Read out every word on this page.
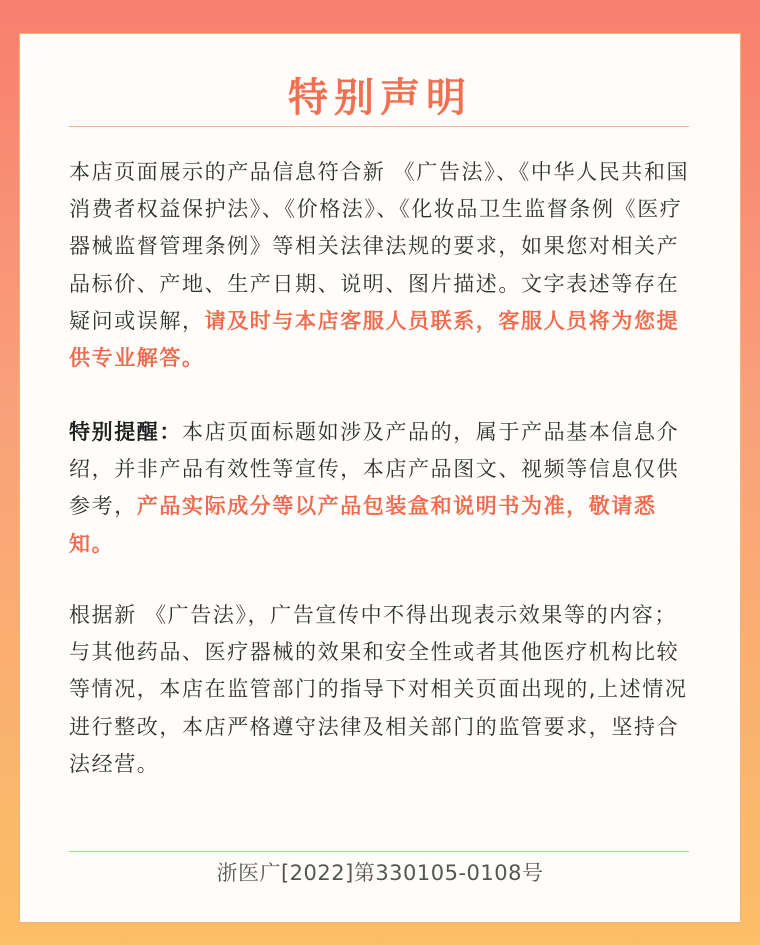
特别声明

本店页面展示的产品信息符合新 《广告法》、《中华人民共和国消费者权益保护法》、《价格法》、《化妆品卫生监督条例《医疗器械监督管理条例》等相关法律法规的要求，如果您对相关产品标价、产地、生产日期、说明、图片描述。文字表述等存在疑问或误解，请及时与本店客服人员联系，客服人员将为您提供专业解答。

特别提醒：本店页面标题如涉及产品的，属于产品基本信息介绍，并非产品有效性等宣传，本店产品图文、视频等信息仅供参考，产品实际成分等以产品包装盒和说明书为准，敬请悉知。

根据新 《广告法》，广告宣传中不得出现表示效果等的内容；与其他药品、医疗器械的效果和安全性或者其他医疗机构比较等情况，本店在监管部门的指导下对相关页面出现的,上述情况进行整改，本店严格遵守法律及相关部门的监管要求，坚持合法经营。

浙医广[2022]第330105-0108号
